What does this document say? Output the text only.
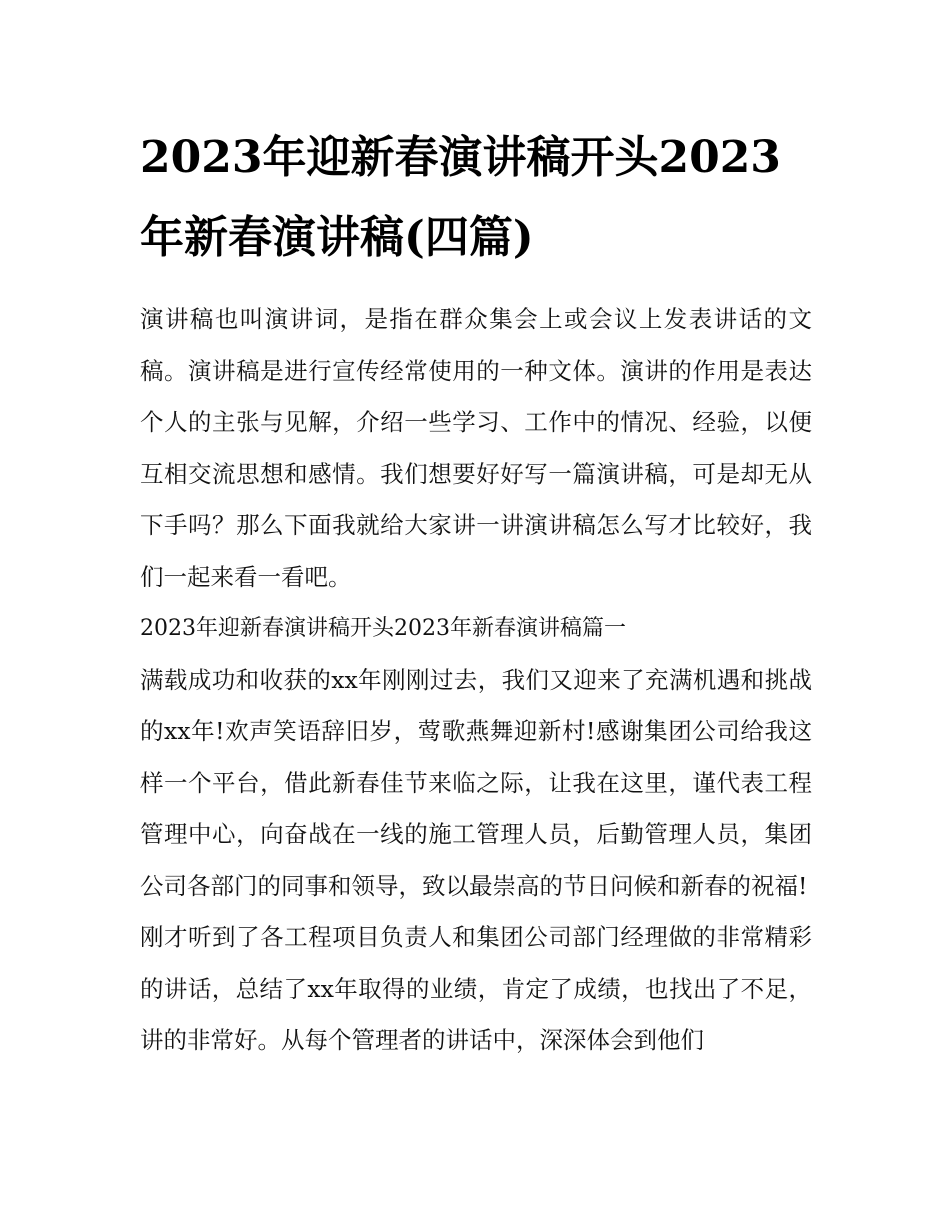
2023年迎新春演讲稿开头2023年新春演讲稿(四篇)

演讲稿也叫演讲词，是指在群众集会上或会议上发表讲话的文稿。演讲稿是进行宣传经常使用的一种文体。演讲的作用是表达个人的主张与见解，介绍一些学习、工作中的情况、经验，以便互相交流思想和感情。我们想要好好写一篇演讲稿，可是却无从下手吗？那么下面我就给大家讲一讲演讲稿怎么写才比较好，我们一起来看一看吧。

2023年迎新春演讲稿开头2023年新春演讲稿篇一

满载成功和收获的xx年刚刚过去，我们又迎来了充满机遇和挑战的xx年!欢声笑语辞旧岁，莺歌燕舞迎新村!感谢集团公司给我这样一个平台，借此新春佳节来临之际，让我在这里，谨代表工程管理中心，向奋战在一线的施工管理人员，后勤管理人员，集团公司各部门的同事和领导，致以最崇高的节日问候和新春的祝福!

刚才听到了各工程项目负责人和集团公司部门经理做的非常精彩的讲话，总结了xx年取得的业绩，肯定了成绩，也找出了不足，讲的非常好。从每个管理者的讲话中，深深体会到他们
